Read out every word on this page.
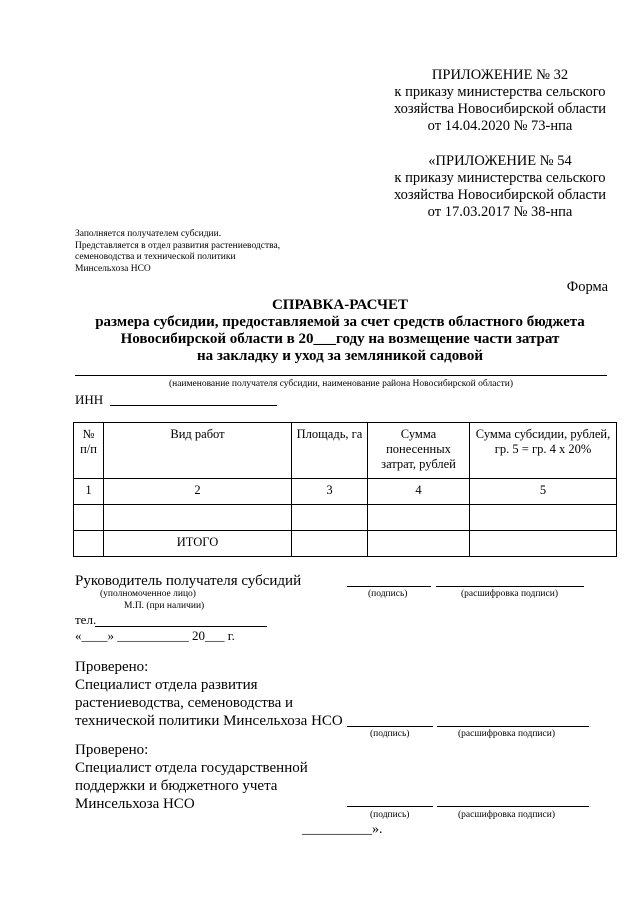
ПРИЛОЖЕНИЕ № 32
к приказу министерства сельского
хозяйства Новосибирской области
от 14.04.2020 № 73-нпа
«ПРИЛОЖЕНИЕ № 54
к приказу министерства сельского
хозяйства Новосибирской области
от 17.03.2017 № 38-нпа
Заполняется получателем субсидии.
Представляется в отдел развития растениеводства,
семеноводства и технической политики
Минсельхоза НСО
Форма
СПРАВКА-РАСЧЕТ
размера субсидии, предоставляемой за счет средств областного бюджета
Новосибирской области в 20___году на возмещение части затрат
на закладку и уход за земляникой садовой
(наименование получателя субсидии, наименование района Новосибирской области)
ИНН
№ п/п	Вид работ	Площадь, га	Сумма понесенных затрат, рублей	Сумма субсидии, рублей, гр. 5 = гр. 4 х 20%
1	2	3	4	5

	ИТОГО			
Руководитель получателя субсидий
(уполномоченное лицо)	(подпись)	(расшифровка подписи)
М.П. (при наличии)
тел.
«____» ___________ 20___ г.
Проверено:
Специалист отдела развития
растениеводства, семеноводства и
технической политики Минсельхоза НСО
(подпись)	(расшифровка подписи)
Проверено:
Специалист отдела государственной
поддержки и бюджетного учета
Минсельхоза НСО
(подпись)	(расшифровка подписи)
__________».
